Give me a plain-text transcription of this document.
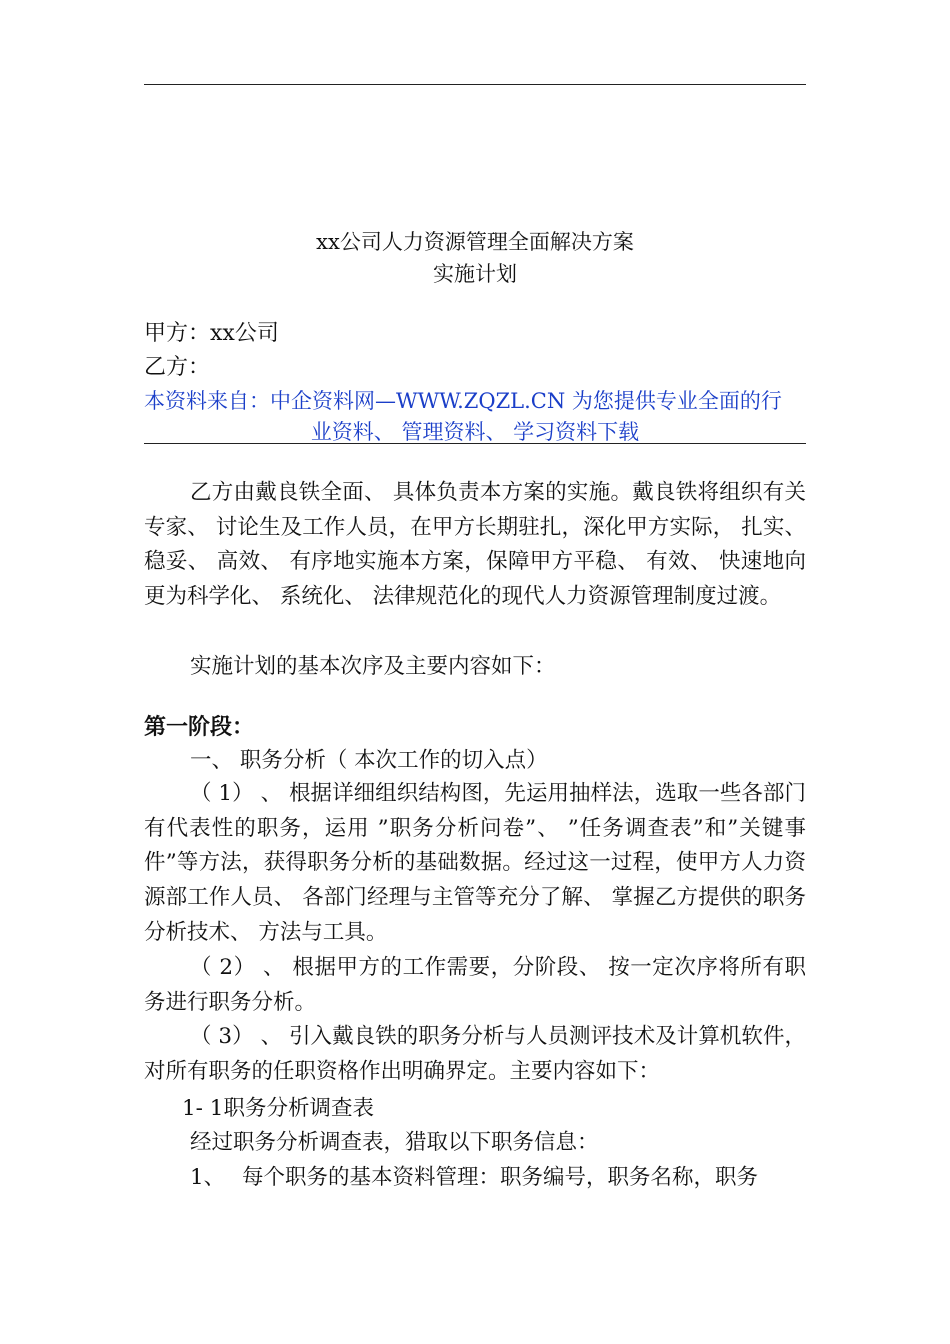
xx公司人力资源管理全面解决方案
实施计划
甲方：xx公司
乙方：
本资料来自：中企资料网—WWW.ZQZL.CN 为您提供专业全面的行
业资料、 管理资料、 学习资料下载

乙方由戴良铁全面、 具体负责本方案的实施。戴良铁将组织有关专家、 讨论生及工作人员，在甲方长期驻扎，深化甲方实际， 扎实、 稳妥、 高效、 有序地实施本方案，保障甲方平稳、 有效、 快速地向更为科学化、 系统化、 法律规范化的现代人力资源管理制度过渡。

实施计划的基本次序及主要内容如下：

第一阶段：
一、 职务分析（ 本次工作的切入点）

（ 1） 、 根据详细组织结构图，先运用抽样法，选取一些各部门有代表性的职务，运用 ”职务分析问卷”、 ”任务调查表”和”关键事件”等方法，获得职务分析的基础数据。经过这一过程，使甲方人力资源部工作人员、 各部门经理与主管等充分了解、 掌握乙方提供的职务分析技术、 方法与工具。

（ 2） 、 根据甲方的工作需要，分阶段、 按一定次序将所有职务进行职务分析。

（ 3） 、 引入戴良铁的职务分析与人员测评技术及计算机软件，对所有职务的任职资格作出明确界定。主要内容如下：

1- 1职务分析调查表
经过职务分析调查表，猎取以下职务信息：
1、 每个职务的基本资料管理：职务编号，职务名称，职务
